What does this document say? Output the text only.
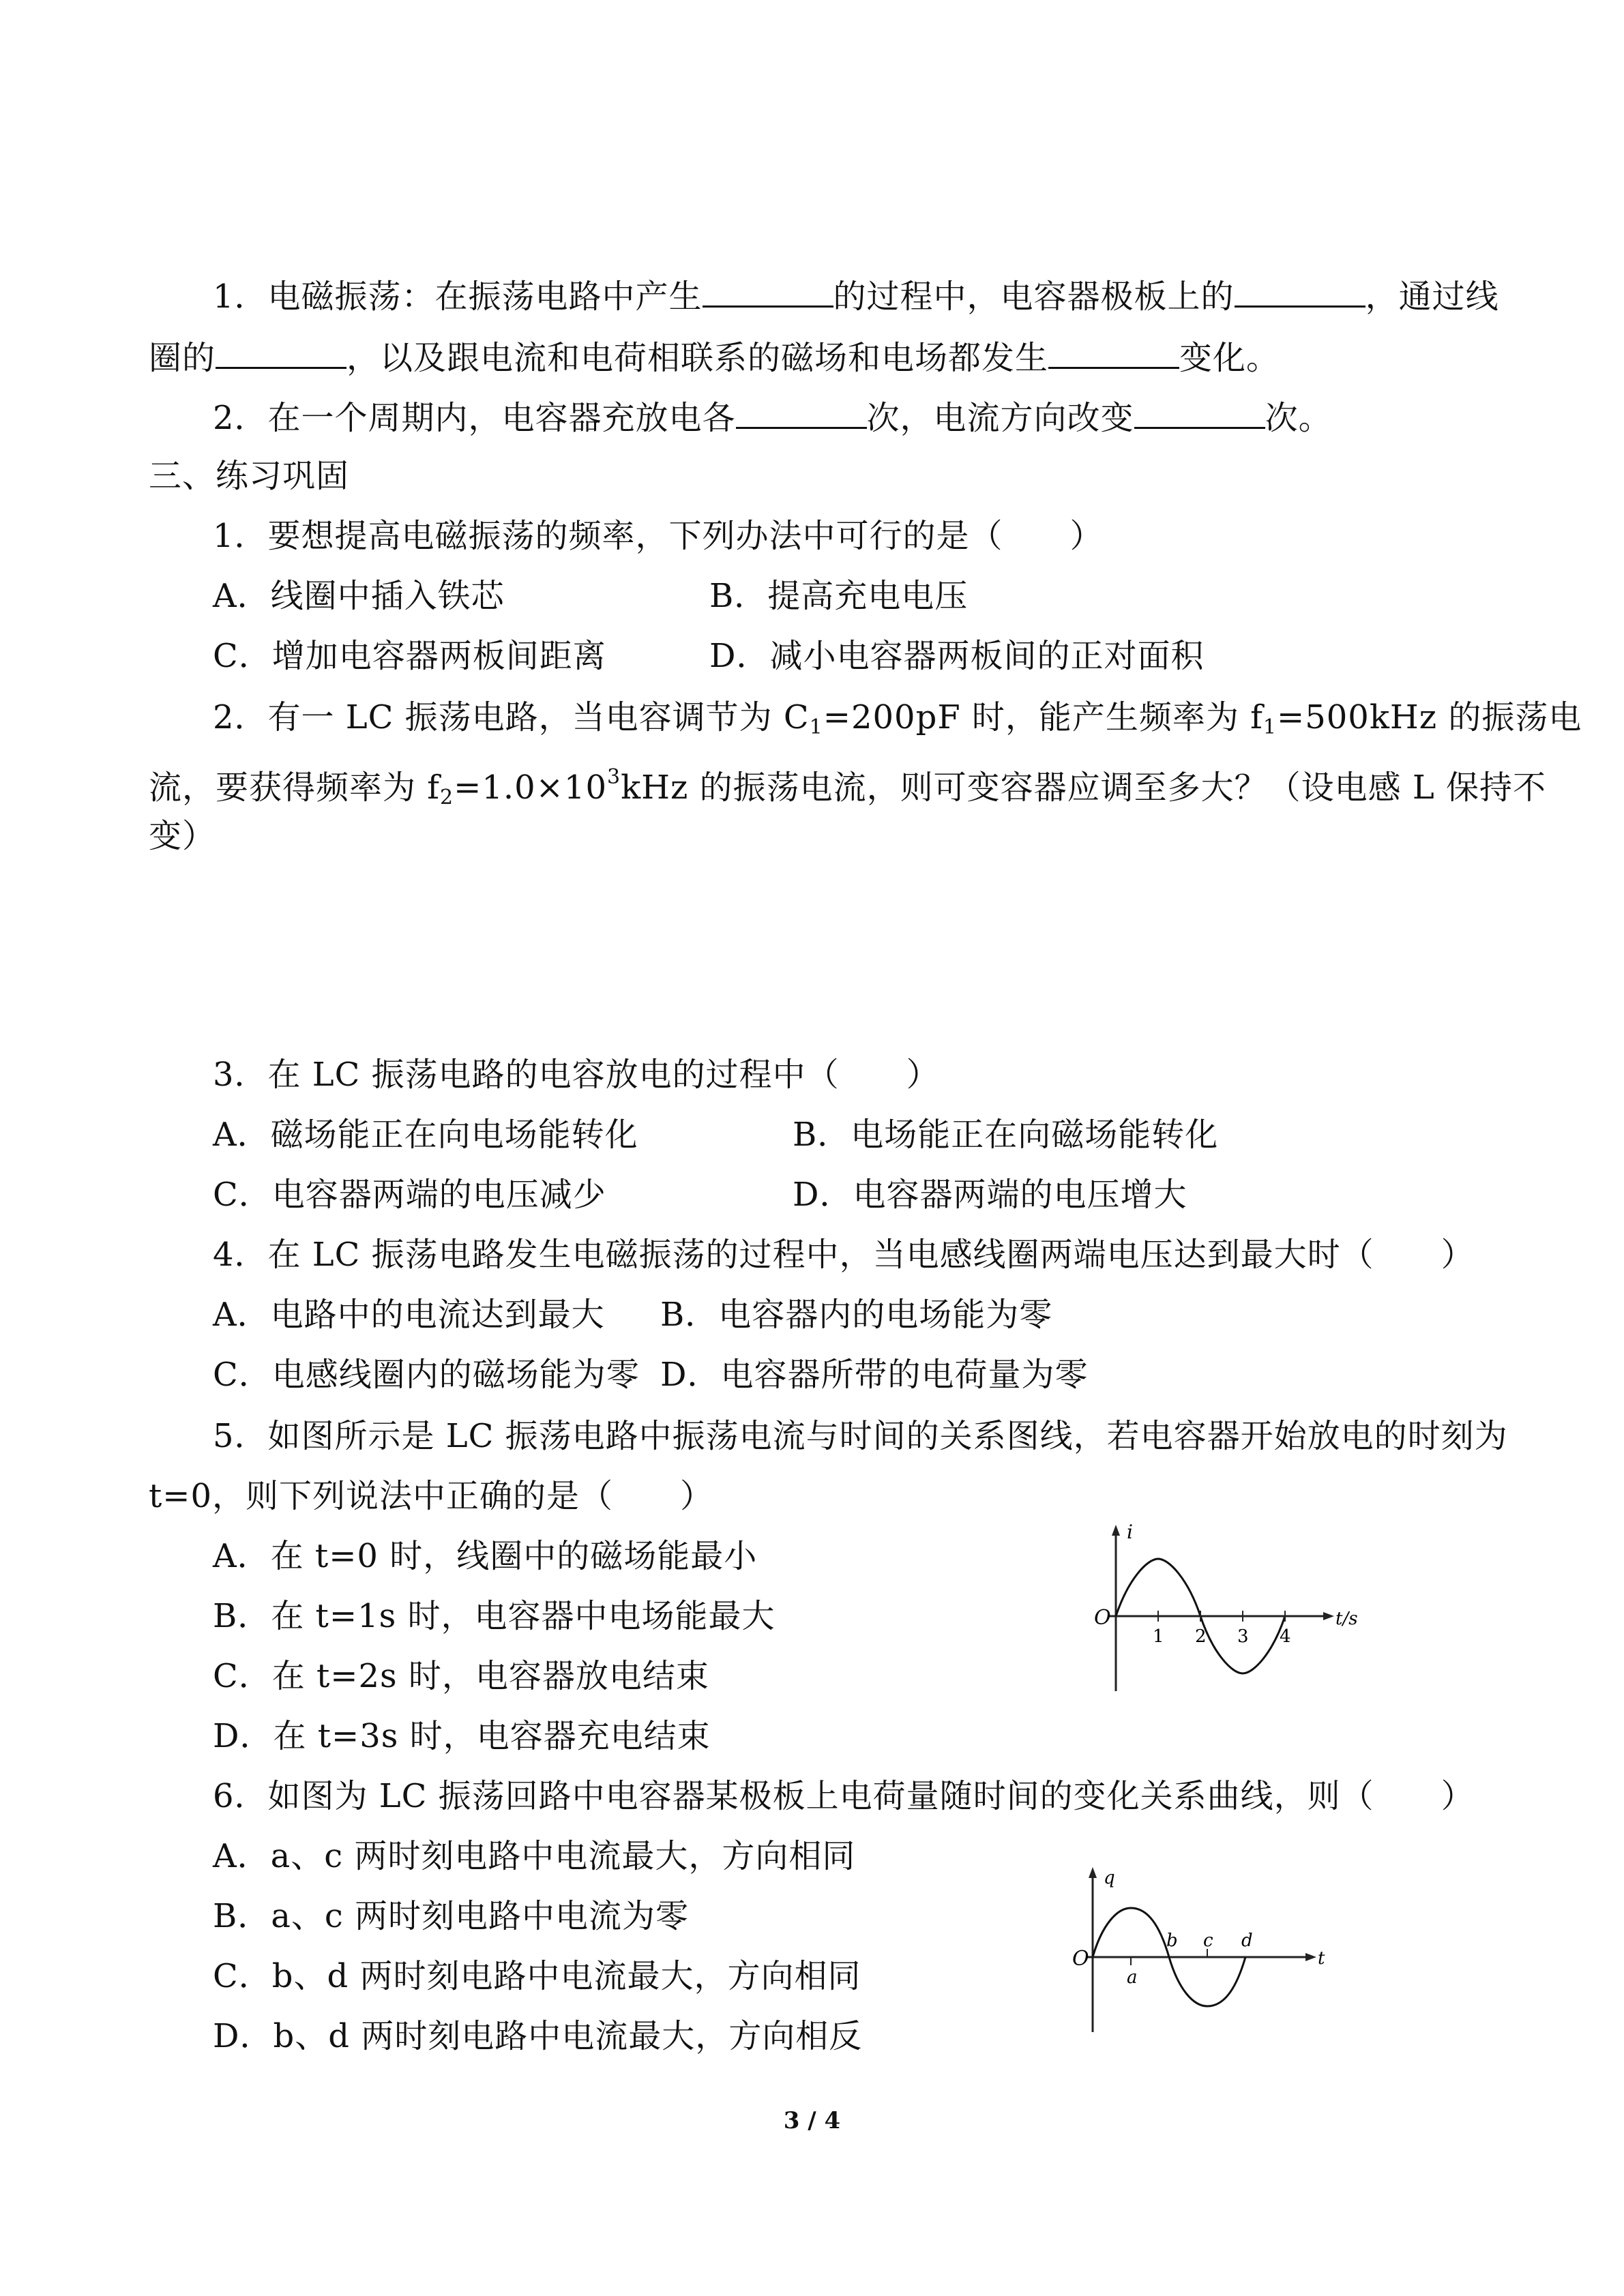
1．电磁振荡：在振荡电路中产生	的过程中，电容器极板上的	，通过线
圈的	，以及跟电流和电荷相联系的磁场和电场都发生	变化。
2．在一个周期内，电容器充放电各	次，电流方向改变	次。
三、练习巩固
1．要想提高电磁振荡的频率，下列办法中可行的是（　　）
A．线圈中插入铁芯	B．提高充电电压
C．增加电容器两板间距离	D．减小电容器两板间的正对面积
2．有一 LC 振荡电路，当电容调节为 $C_1=200pF$ 时，能产生频率为 $f_1=500kHz$ 的振荡电
流，要获得频率为 $f_2=1.0\times 10^3kHz$ 的振荡电流，则可变容器应调至多大？（设电感 L 保持不
变）
3．在 LC 振荡电路的电容放电的过程中（　　）
A．磁场能正在向电场能转化	B．电场能正在向磁场能转化
C．电容器两端的电压减少	D．电容器两端的电压增大
4．在 LC 振荡电路发生电磁振荡的过程中，当电感线圈两端电压达到最大时（　　）
A．电路中的电流达到最大 B．电容器内的电场能为零
C．电感线圈内的磁场能为零 D．电容器所带的电荷量为零
5．如图所示是 LC 振荡电路中振荡电流与时间的关系图线，若电容器开始放电的时刻为
t=0，则下列说法中正确的是（　　）
A．在 t=0 时，线圈中的磁场能最小
B．在 t=1s 时，电容器中电场能最大
C．在 t=2s 时，电容器放电结束
D．在 t=3s 时，电容器充电结束
i
t/s
O
1 2 3 4
6．如图为 LC 振荡回路中电容器某极板上电荷量随时间的变化关系曲线，则（　　）
A．a、c 两时刻电路中电流最大，方向相同
B．a、c 两时刻电路中电流为零
C．b、d 两时刻电路中电流最大，方向相同
D．b、d 两时刻电路中电流最大，方向相反
q
t
O
a
b c d
3 / 4
